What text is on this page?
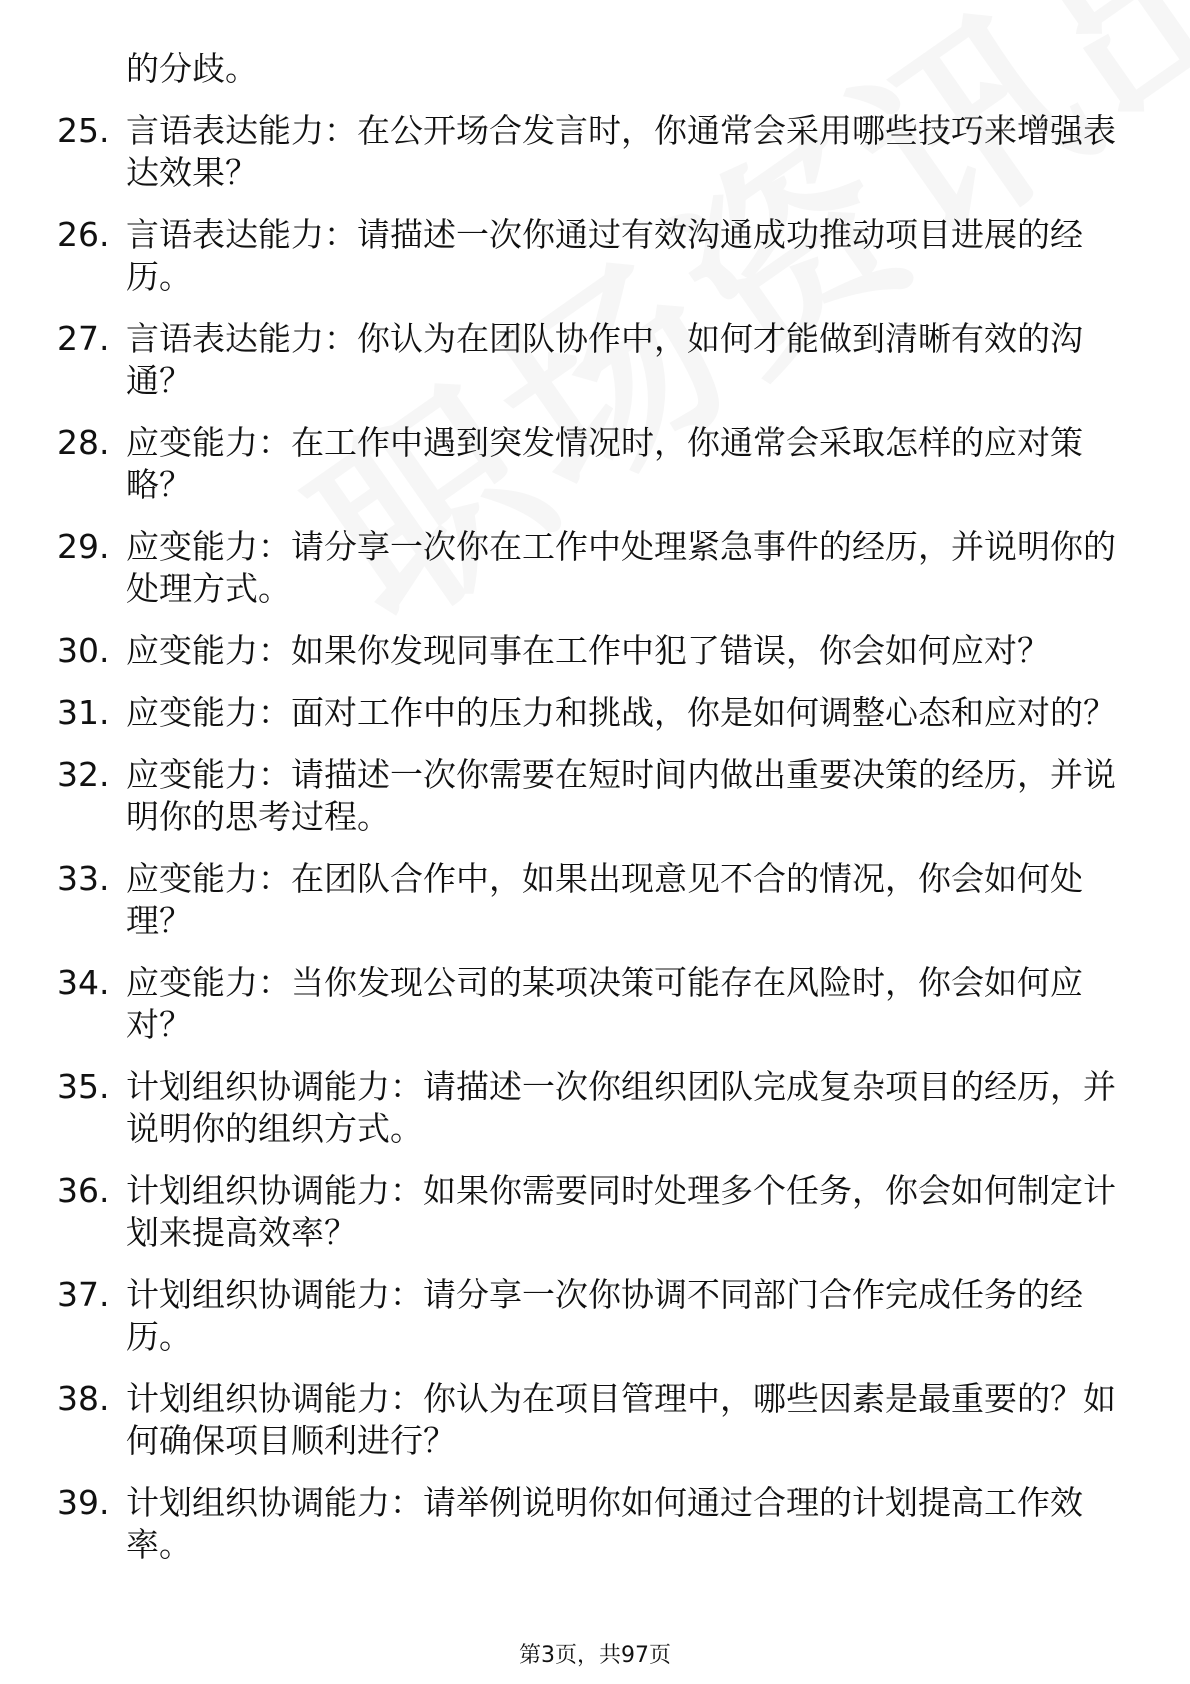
的分歧。
25. 言语表达能力：在公开场合发言时，你通常会采用哪些技巧来增强表达效果？
26. 言语表达能力：请描述一次你通过有效沟通成功推动项目进展的经历。
27. 言语表达能力：你认为在团队协作中，如何才能做到清晰有效的沟通？
28. 应变能力：在工作中遇到突发情况时，你通常会采取怎样的应对策略？
29. 应变能力：请分享一次你在工作中处理紧急事件的经历，并说明你的处理方式。
30. 应变能力：如果你发现同事在工作中犯了错误，你会如何应对？
31. 应变能力：面对工作中的压力和挑战，你是如何调整心态和应对的？
32. 应变能力：请描述一次你需要在短时间内做出重要决策的经历，并说明你的思考过程。
33. 应变能力：在团队合作中，如果出现意见不合的情况，你会如何处理？
34. 应变能力：当你发现公司的某项决策可能存在风险时，你会如何应对？
35. 计划组织协调能力：请描述一次你组织团队完成复杂项目的经历，并说明你的组织方式。
36. 计划组织协调能力：如果你需要同时处理多个任务，你会如何制定计划来提高效率？
37. 计划组织协调能力：请分享一次你协调不同部门合作完成任务的经历。
38. 计划组织协调能力：你认为在项目管理中，哪些因素是最重要的？如何确保项目顺利进行？
39. 计划组织协调能力：请举例说明你如何通过合理的计划提高工作效率。
第3页，共97页
